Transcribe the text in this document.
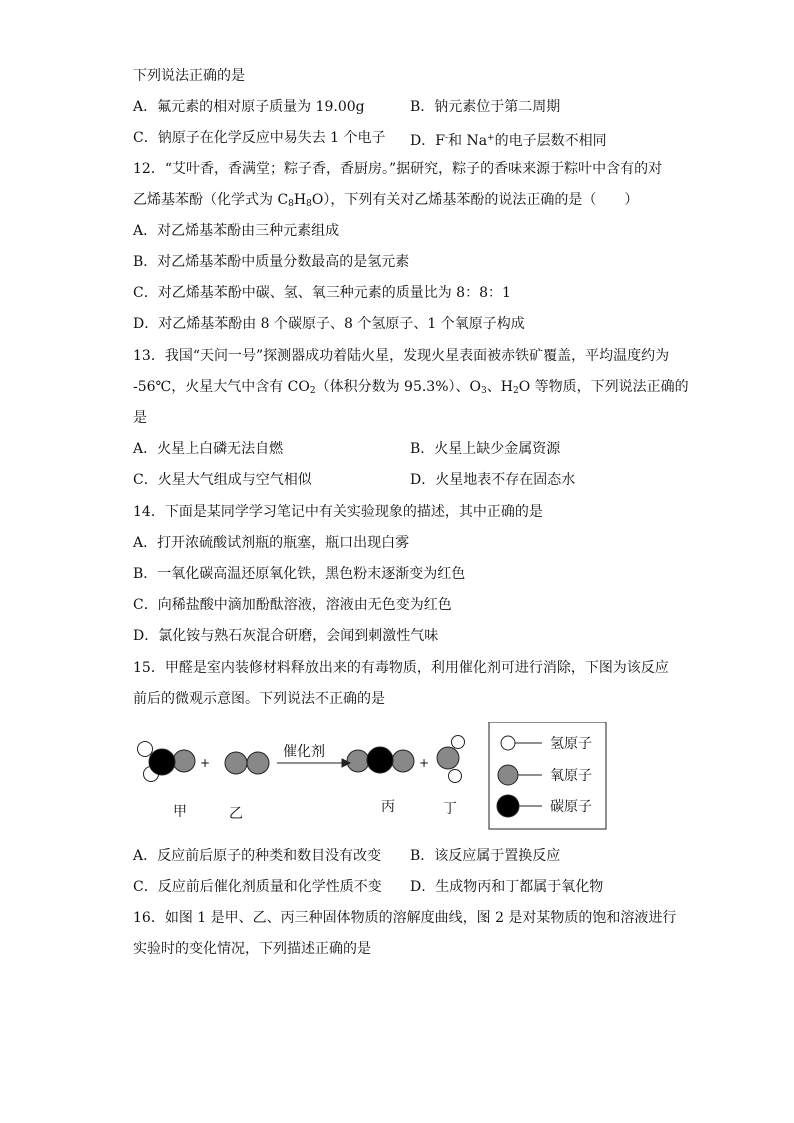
下列说法正确的是
A．氟元素的相对原子质量为 19.00g	B．钠元素位于第二周期
C．钠原子在化学反应中易失去 1 个电子 D．F-和 Na+的电子层数不相同
12．“艾叶香，香满堂；粽子香，香厨房。”据研究，粽子的香味来源于粽叶中含有的对
乙烯基苯酚（化学式为 $C_8H_8O$），下列有关对乙烯基苯酚的说法正确的是（　　）
A．对乙烯基苯酚由三种元素组成
B．对乙烯基苯酚中质量分数最高的是氢元素
C．对乙烯基苯酚中碳、氢、氧三种元素的质量比为 8：8：1
D．对乙烯基苯酚由 8 个碳原子、8 个氢原子、1 个氧原子构成
13．我国“天问一号”探测器成功着陆火星，发现火星表面被赤铁矿覆盖，平均温度约为
-56℃，火星大气中含有 $CO_2$（体积分数为 95.3%）、$O_3$、$H_2O$ 等物质，下列说法正确的
是
A．火星上白磷无法自燃	B．火星上缺少金属资源
C．火星大气组成与空气相似	D．火星地表不存在固态水
14．下面是某同学学习笔记中有关实验现象的描述，其中正确的是
A．打开浓硫酸试剂瓶的瓶塞，瓶口出现白雾
B．一氧化碳高温还原氧化铁，黑色粉末逐渐变为红色
C．向稀盐酸中滴加酚酞溶液，溶液由无色变为红色
D．氯化铵与熟石灰混合研磨，会闻到刺激性气味
15．甲醛是室内装修材料释放出来的有毒物质，利用催化剂可进行消除，下图为该反应
前后的微观示意图。下列说法不正确的是
催化剂
+	+
甲	乙	丙	丁
氢原子
氧原子
碳原子
A．反应前后原子的种类和数目没有改变 B．该反应属于置换反应
C．反应前后催化剂质量和化学性质不变 D．生成物丙和丁都属于氧化物
16．如图 1 是甲、乙、丙三种固体物质的溶解度曲线，图 2 是对某物质的饱和溶液进行
实验时的变化情况，下列描述正确的是
